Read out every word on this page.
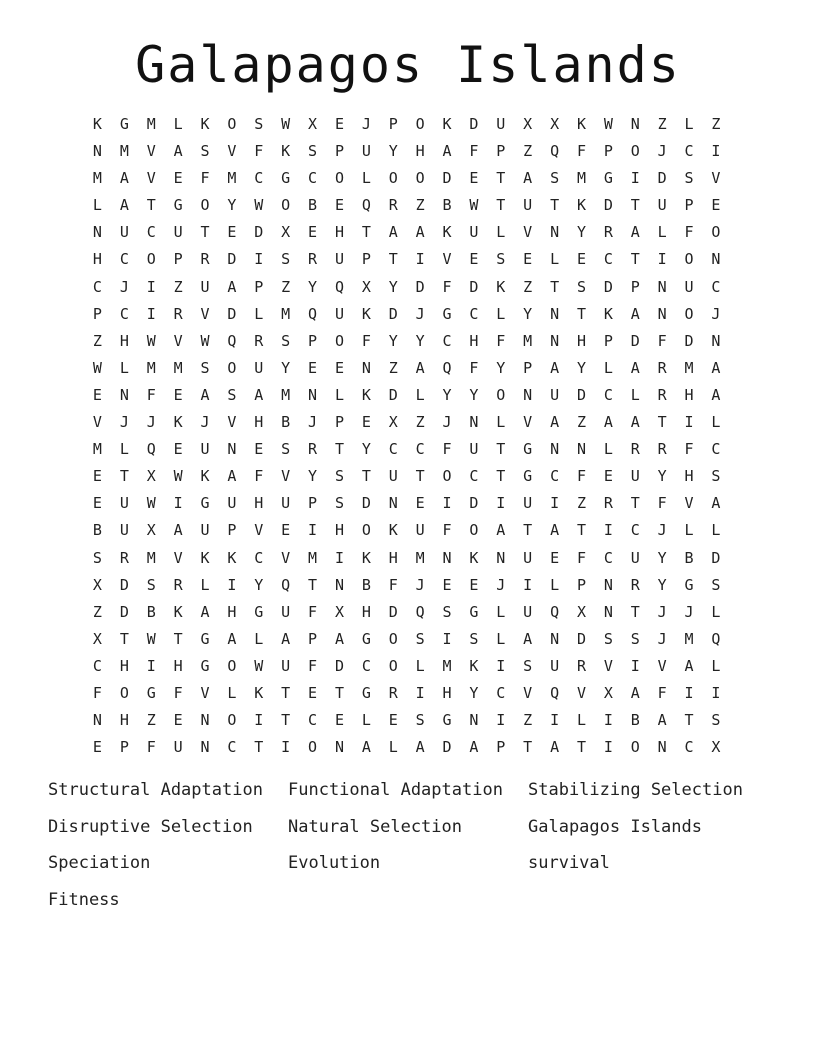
Galapagos Islands
K	G	M	L	K	O	S	W	X	E	J	P	O	K	D	U	X	X	K	W	N	Z	L	Z
N	M	V	A	S	V	F	K	S	P	U	Y	H	A	F	P	Z	Q	F	P	O	J	C	I
M	A	V	E	F	M	C	G	C	O	L	O	O	D	E	T	A	S	M	G	I	D	S	V
L	A	T	G	O	Y	W	O	B	E	Q	R	Z	B	W	T	U	T	K	D	T	U	P	E
N	U	C	U	T	E	D	X	E	H	T	A	A	K	U	L	V	N	Y	R	A	L	F	O
H	C	O	P	R	D	I	S	R	U	P	T	I	V	E	S	E	L	E	C	T	I	O	N
C	J	I	Z	U	A	P	Z	Y	Q	X	Y	D	F	D	K	Z	T	S	D	P	N	U	C
P	C	I	R	V	D	L	M	Q	U	K	D	J	G	C	L	Y	N	T	K	A	N	O	J
Z	H	W	V	W	Q	R	S	P	O	F	Y	Y	C	H	F	M	N	H	P	D	F	D	N
W	L	M	M	S	O	U	Y	E	E	N	Z	A	Q	F	Y	P	A	Y	L	A	R	M	A
E	N	F	E	A	S	A	M	N	L	K	D	L	Y	Y	O	N	U	D	C	L	R	H	A
V	J	J	K	J	V	H	B	J	P	E	X	Z	J	N	L	V	A	Z	A	A	T	I	L
M	L	Q	E	U	N	E	S	R	T	Y	C	C	F	U	T	G	N	N	L	R	R	F	C
E	T	X	W	K	A	F	V	Y	S	T	U	T	O	C	T	G	C	F	E	U	Y	H	S
E	U	W	I	G	U	H	U	P	S	D	N	E	I	D	I	U	I	Z	R	T	F	V	A
B	U	X	A	U	P	V	E	I	H	O	K	U	F	O	A	T	A	T	I	C	J	L	L
S	R	M	V	K	K	C	V	M	I	K	H	M	N	K	N	U	E	F	C	U	Y	B	D
X	D	S	R	L	I	Y	Q	T	N	B	F	J	E	E	J	I	L	P	N	R	Y	G	S
Z	D	B	K	A	H	G	U	F	X	H	D	Q	S	G	L	U	Q	X	N	T	J	J	L
X	T	W	T	G	A	L	A	P	A	G	O	S	I	S	L	A	N	D	S	S	J	M	Q
C	H	I	H	G	O	W	U	F	D	C	O	L	M	K	I	S	U	R	V	I	V	A	L
F	O	G	F	V	L	K	T	E	T	G	R	I	H	Y	C	V	Q	V	X	A	F	I	I
N	H	Z	E	N	O	I	T	C	E	L	E	S	G	N	I	Z	I	L	I	B	A	T	S
E	P	F	U	N	C	T	I	O	N	A	L	A	D	A	P	T	A	T	I	O	N	C	X
Structural Adaptation	Functional Adaptation	Stabilizing Selection
Disruptive Selection	Natural Selection	Galapagos Islands
Speciation	Evolution	survival
Fitness
